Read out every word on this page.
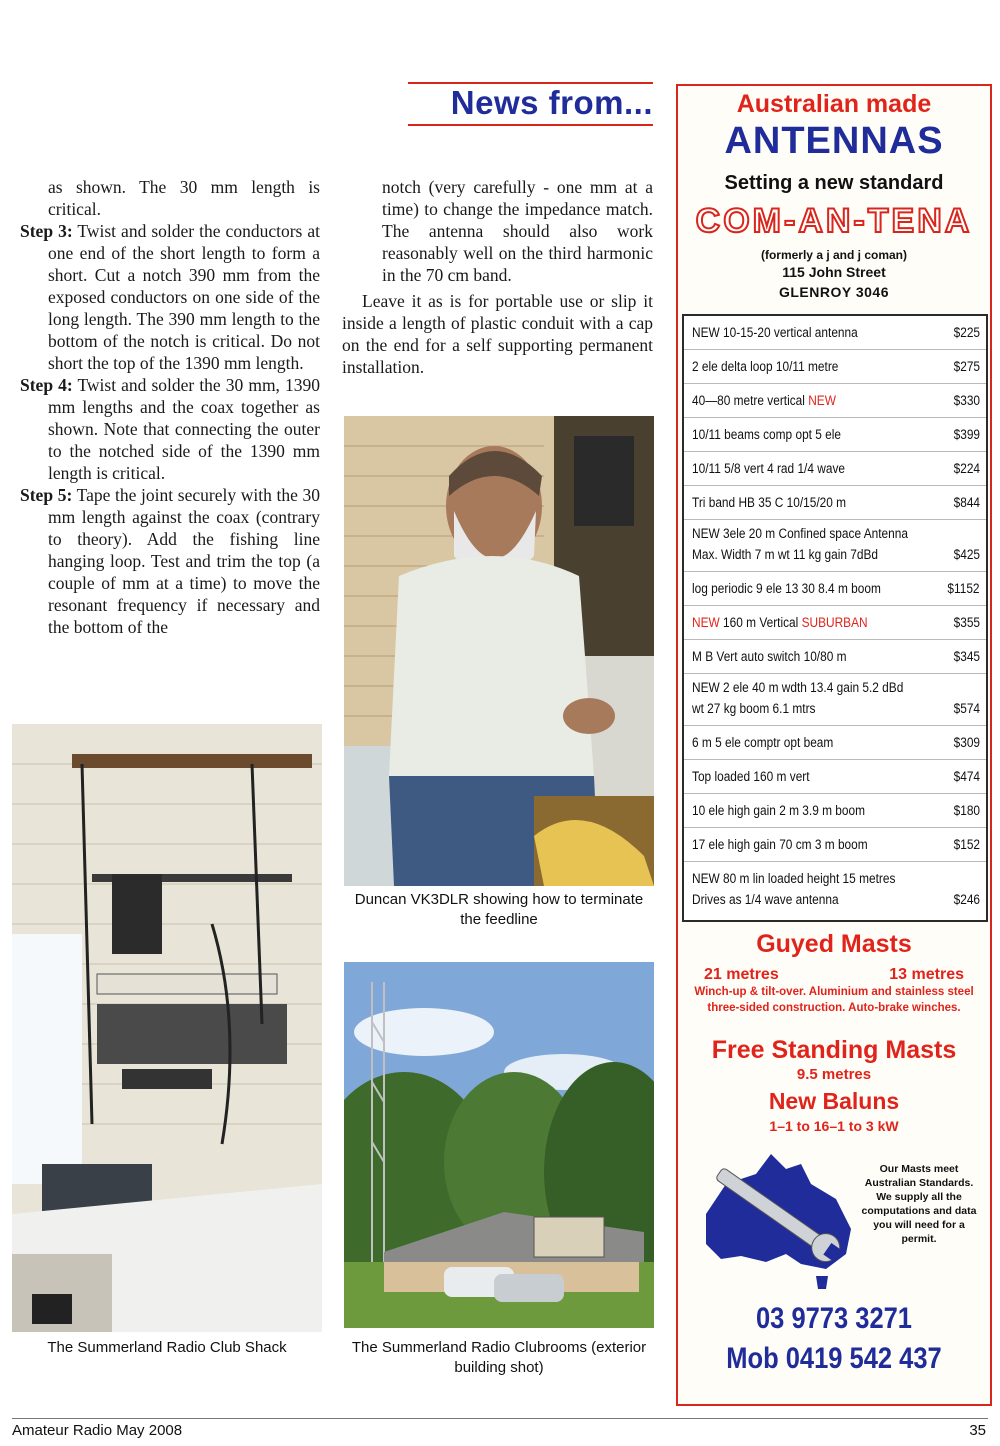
News from...

as shown. The 30 mm length is critical.

Step 3: Twist and solder the conductors at one end of the short length to form a short. Cut a notch 390 mm from the exposed conductors on one side of the long length. The 390 mm length to the bottom of the notch is critical. Do not short the top of the 1390 mm length.

Step 4: Twist and solder the 30 mm, 1390 mm lengths and the coax together as shown. Note that connecting the outer to the notched side of the 1390 mm length is critical.

Step 5: Tape the joint securely with the 30 mm length against the coax (contrary to theory). Add the fishing line hanging loop. Test and trim the top (a couple of mm at a time) to move the resonant frequency if necessary and the bottom of the

notch (very carefully - one mm at a time) to change the impedance match. The antenna should also work reasonably well on the third harmonic in the 70 cm band.

Leave it as is for portable use or slip it inside a length of plastic conduit with a cap on the end for a self supporting permanent installation.

Duncan VK3DLR showing how to terminate the feedline
The Summerland Radio Club Shack	The Summerland Radio Clubrooms (exterior building shot)
Australian made
ANTENNAS
Setting a new standard
COM-AN-TENA
(formerly a j and j coman)
115 John Street
GLENROY 3046
NEW 10-15-20 vertical antenna	$225
2 ele delta loop 10/11 metre	$275
40—80 metre vertical NEW	$330
10/11 beams comp opt 5 ele	$399
10/11 5/8 vert 4 rad 1/4 wave	$224
Tri band HB 35 C 10/15/20 m	$844
NEW 3ele 20 m Confined space Antenna
Max. Width 7 m wt 11 kg gain 7dBd	$425
log periodic 9 ele 13 30 8.4 m boom	$1152
NEW 160 m Vertical SUBURBAN	$355
M B Vert auto switch 10/80 m	$345
NEW 2 ele 40 m wdth 13.4 gain 5.2 dBd
wt 27 kg boom 6.1 mtrs	$574
6 m 5 ele comptr opt beam	$309
Top loaded 160 m vert	$474
10 ele high gain 2 m 3.9 m boom	$180
17 ele high gain 70 cm 3 m boom	$152
NEW 80 m lin loaded height 15 metres
Drives as 1/4 wave antenna	$246
Guyed Masts
21 metres	13 metres
Winch-up & tilt-over. Aluminium and stainless steel
three-sided construction. Auto-brake winches.
Free Standing Masts
9.5 metres
New Baluns
1–1 to 16–1 to 3 kW
Our Masts meet Australian Standards. We supply all the computations and data you will need for a permit.
03 9773 3271
Mob 0419 542 437
Amateur Radio May 2008	35
